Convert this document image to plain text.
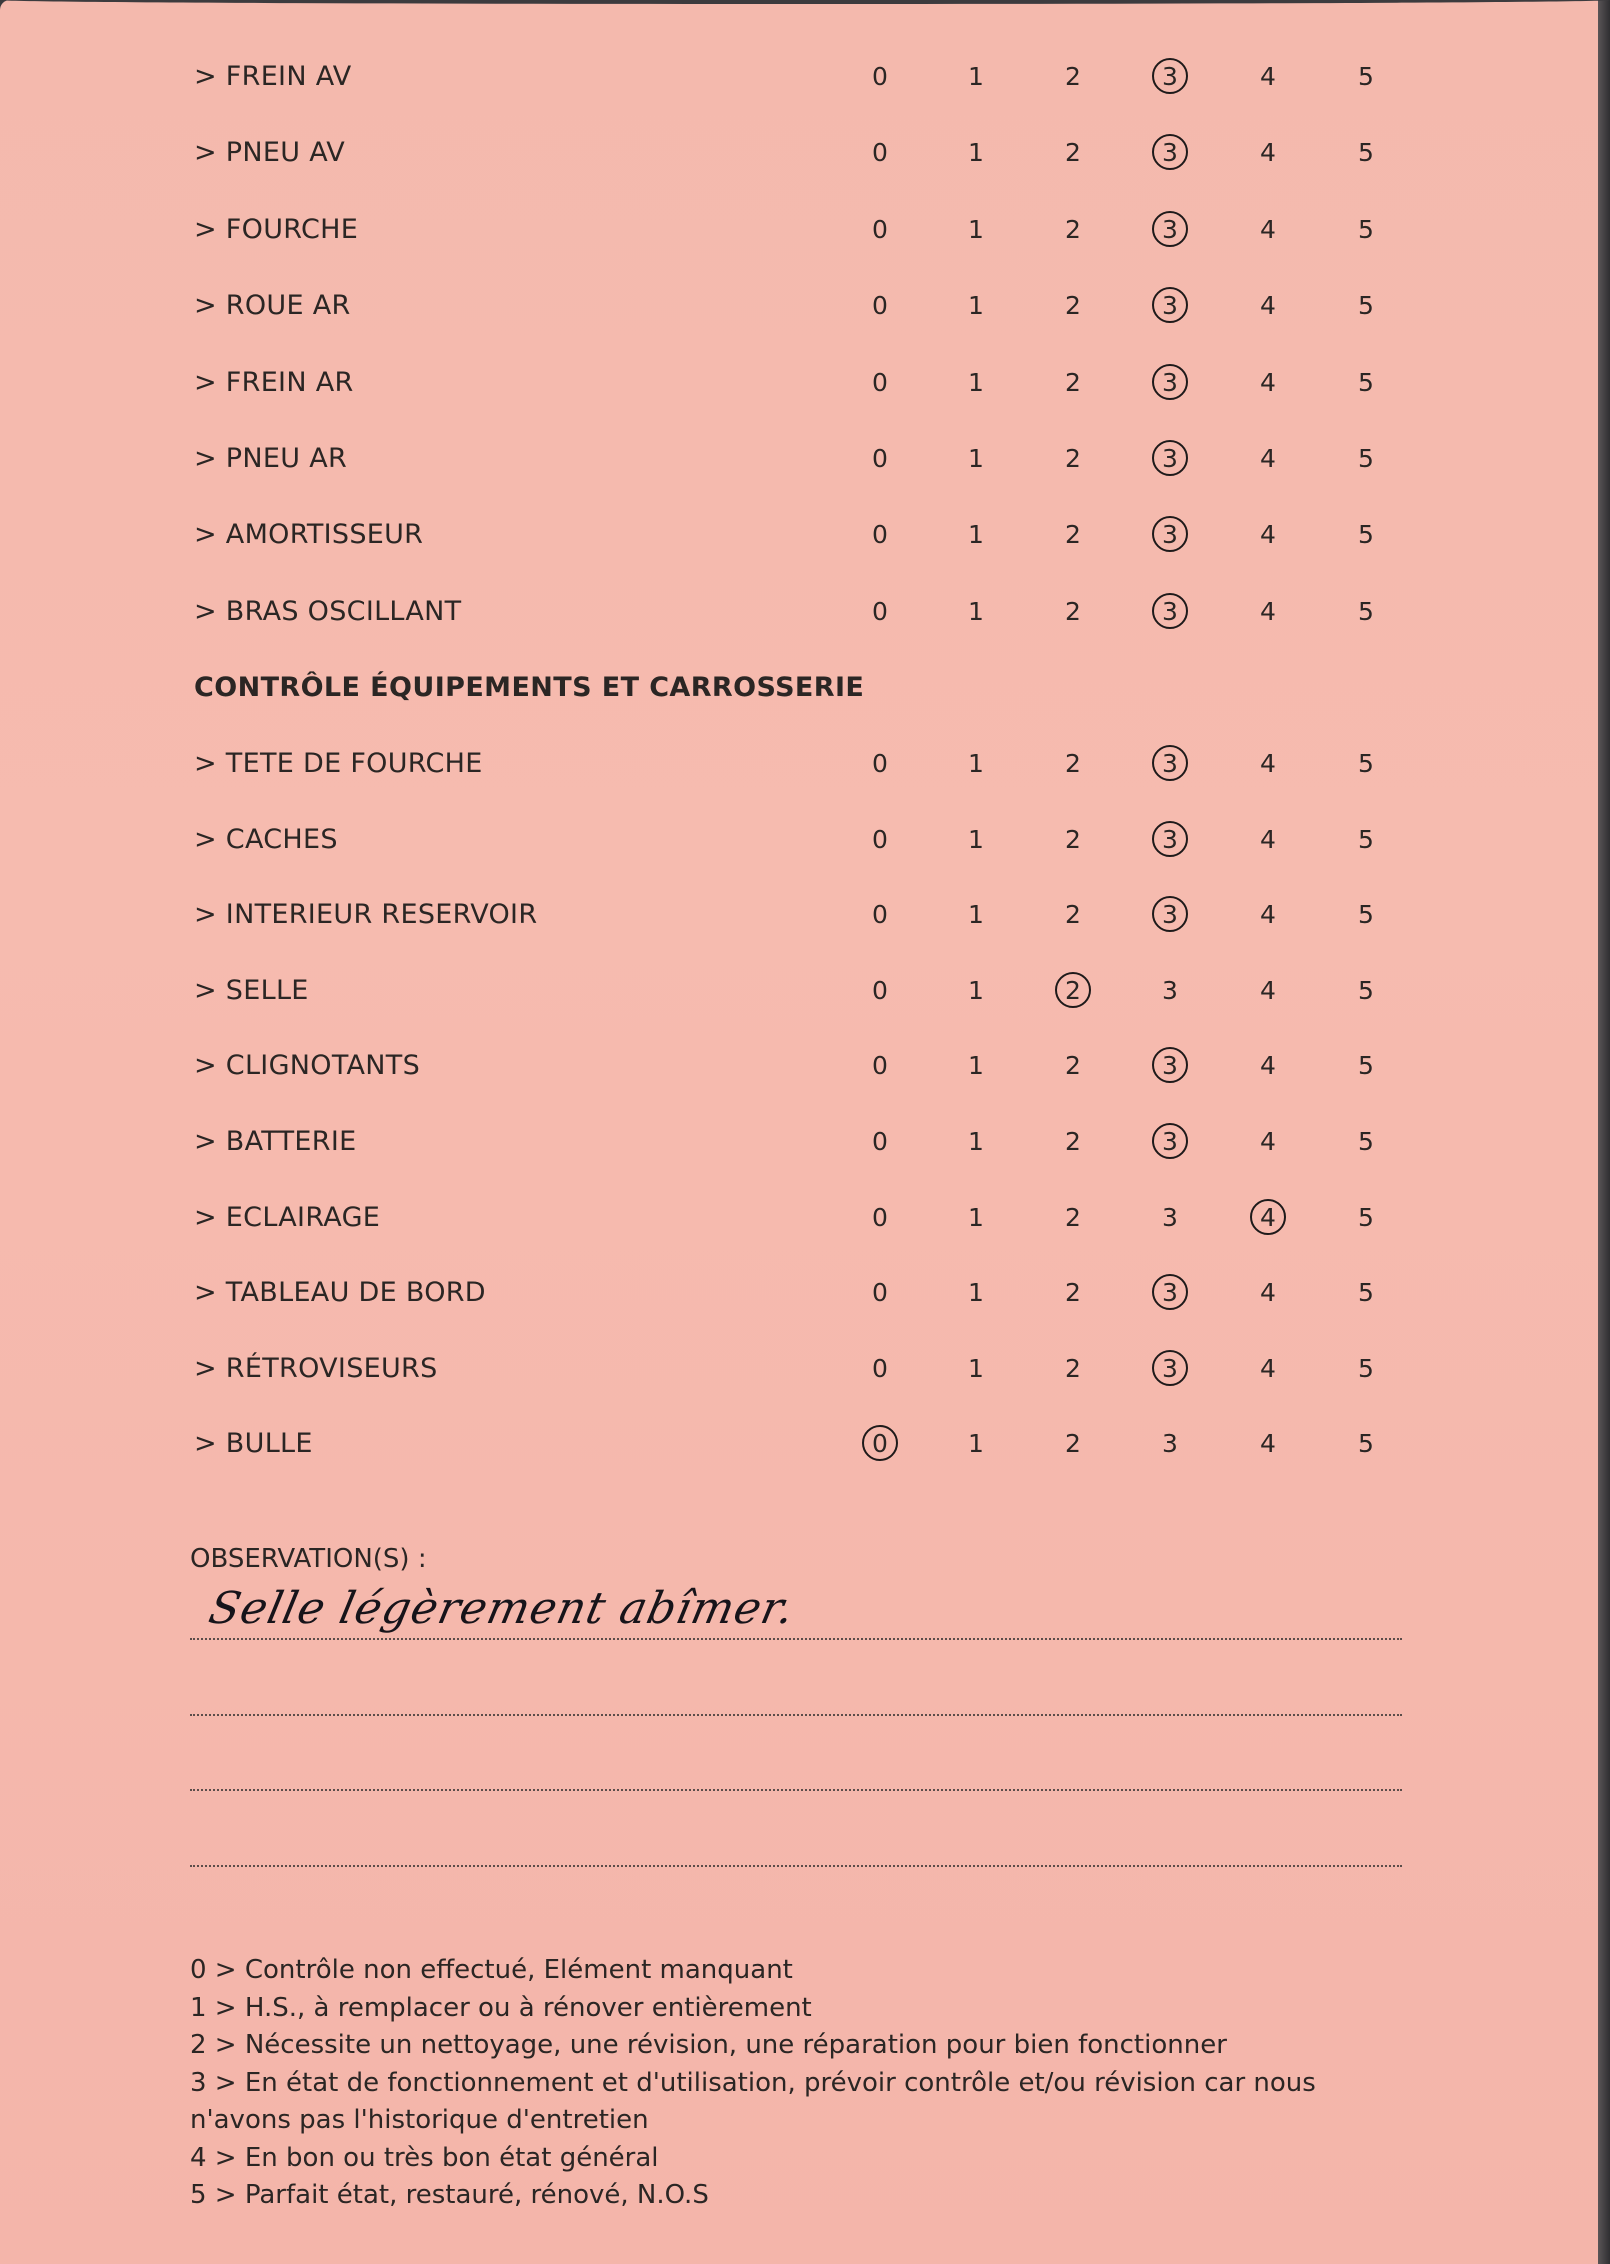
> FREIN AV	0	1	2	3	4	5
> PNEU AV	0	1	2	3	4	5
> FOURCHE	0	1	2	3	4	5
> ROUE AR	0	1	2	3	4	5
> FREIN AR	0	1	2	3	4	5
> PNEU AR	0	1	2	3	4	5
> AMORTISSEUR	0	1	2	3	4	5
> BRAS OSCILLANT	0	1	2	3	4	5
CONTRÔLE ÉQUIPEMENTS ET CARROSSERIE
> TETE DE FOURCHE	0	1	2	3	4	5
> CACHES	0	1	2	3	4	5
> INTERIEUR RESERVOIR	0	1	2	3	4	5
> SELLE	0	1	2	3	4	5
> CLIGNOTANTS	0	1	2	3	4	5
> BATTERIE	0	1	2	3	4	5
> ECLAIRAGE	0	1	2	3	4	5
> TABLEAU DE BORD	0	1	2	3	4	5
> RÉTROVISEURS	0	1	2	3	4	5
> BULLE	0	1	2	3	4	5
OBSERVATION(S) :
Selle légèrement abîmer.
0 > Contrôle non effectué, Elément manquant
1 > H.S., à remplacer ou à rénover entièrement
2 > Nécessite un nettoyage, une révision, une réparation pour bien fonctionner
3 > En état de fonctionnement et d'utilisation, prévoir contrôle et/ou révision car nous
n'avons pas l'historique d'entretien
4 > En bon ou très bon état général
5 > Parfait état, restauré, rénové, N.O.S
